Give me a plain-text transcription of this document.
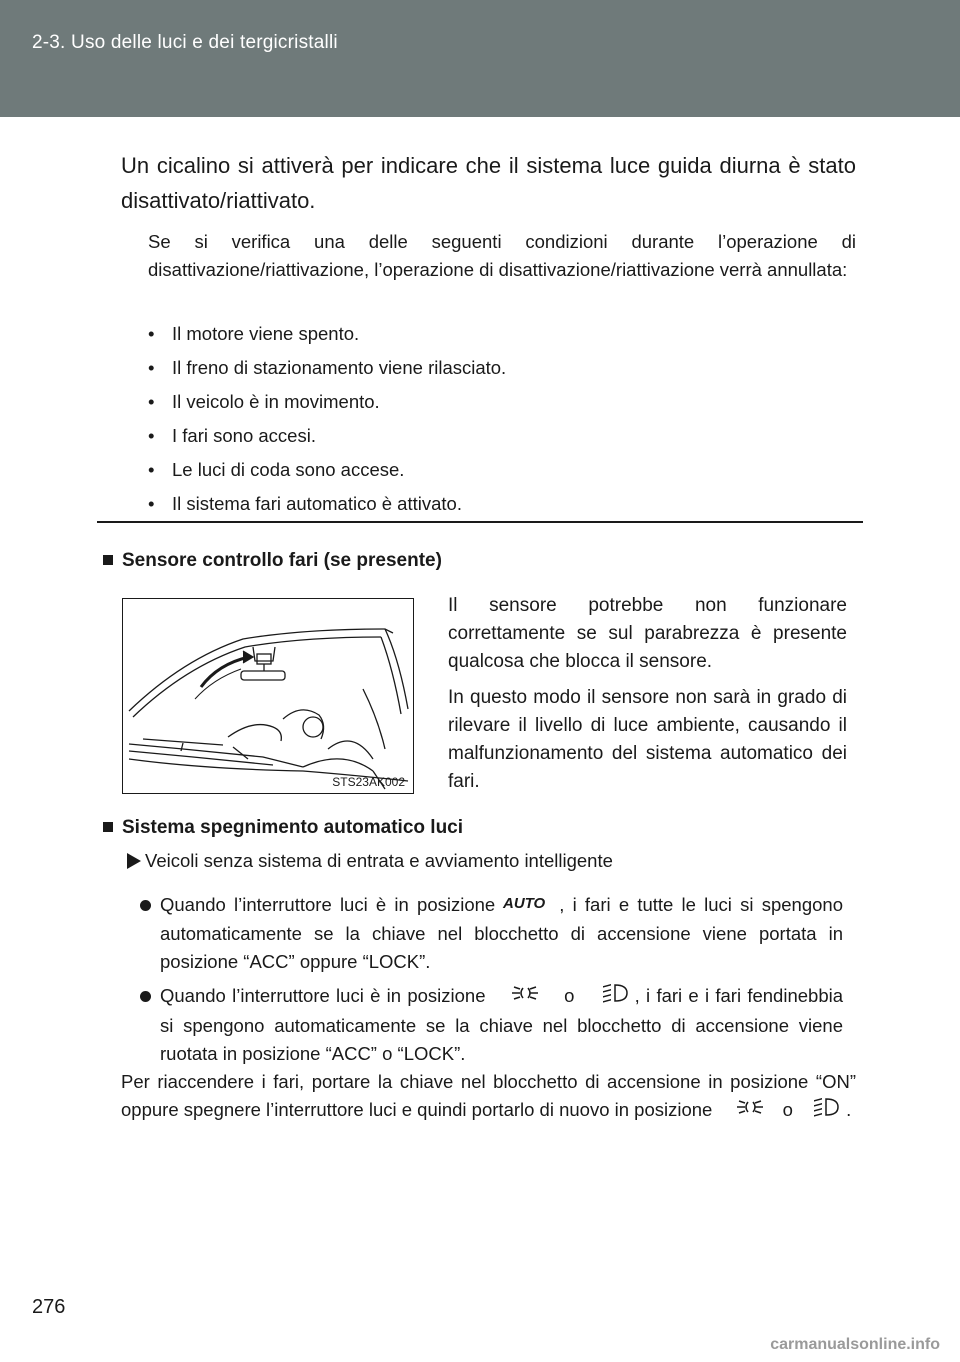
2-3. Uso delle luci e dei tergicristalli
Un cicalino si attiverà per indicare che il sistema luce guida diurna è stato disattivato/riattivato.
Se si verifica una delle seguenti condizioni durante l’operazione di disattivazione/riattivazione, l’operazione di disattivazione/riattivazione verrà annullata:
• Il motore viene spento.
• Il freno di stazionamento viene rilasciato.
• Il veicolo è in movimento.
• I fari sono accesi.
• Le luci di coda sono accese.
• Il sistema fari automatico è attivato.
Sensore controllo fari (se presente)
STS23AK002
Il sensore potrebbe non funzionare correttamente se sul parabrezza è presente qualcosa che blocca il sensore.
In questo modo il sensore non sarà in grado di rilevare il livello di luce ambiente, causando il malfunzionamento del sistema automatico dei fari.
Sistema spegnimento automatico luci
Veicoli senza sistema di entrata e avviamento intelligente
Quando l’interruttore luci è in posizione AUTO , i fari e tutte le luci si spengono automaticamente se la chiave nel blocchetto di accensione viene portata in posizione “ACC” oppure “LOCK”.
Quando l’interruttore luci è in posizione	o	, i fari e i fari fendinebbia si spengono automaticamente se la chiave nel blocchetto di accensione viene ruotata in posizione “ACC” o “LOCK”.
Per riaccendere i fari, portare la chiave nel blocchetto di accensione in posizione “ON” oppure spegnere l’interruttore luci e quindi portarlo di nuovo in posizione	o	.
276
carmanualsonline.info
